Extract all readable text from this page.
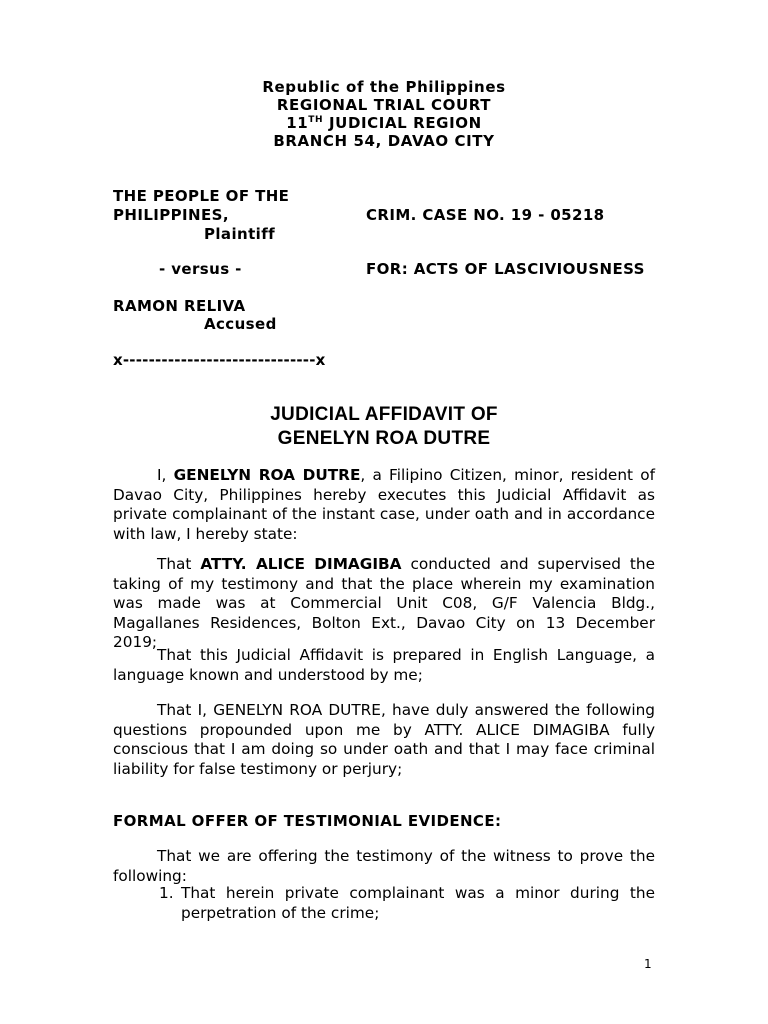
Republic of the Philippines
REGIONAL TRIAL COURT
11TH JUDICIAL REGION
BRANCH 54, DAVAO CITY
THE PEOPLE OF THE
PHILIPPINES,	CRIM. CASE NO. 19 - 05218
Plaintiff
- versus -	FOR: ACTS OF LASCIVIOUSNESS
RAMON RELIVA
Accused
x------------------------------x
JUDICIAL AFFIDAVIT OF
GENELYN ROA DUTRE
I, GENELYN ROA DUTRE, a Filipino Citizen, minor, resident of Davao City, Philippines hereby executes this Judicial Affidavit as private complainant of the instant case, under oath and in accordance with law, I hereby state:
That ATTY. ALICE DIMAGIBA conducted and supervised the taking of my testimony and that the place wherein my examination was made was at Commercial Unit C08, G/F Valencia Bldg., Magallanes Residences, Bolton Ext., Davao City on 13 December 2019;
That this Judicial Affidavit is prepared in English Language, a language known and understood by me;
That I, GENELYN ROA DUTRE, have duly answered the following questions propounded upon me by ATTY. ALICE DIMAGIBA fully conscious that I am doing so under oath and that I may face criminal liability for false testimony or perjury;
FORMAL OFFER OF TESTIMONIAL EVIDENCE:
That we are offering the testimony of the witness to prove the following:
1. That herein private complainant was a minor during the perpetration of the crime;
1
